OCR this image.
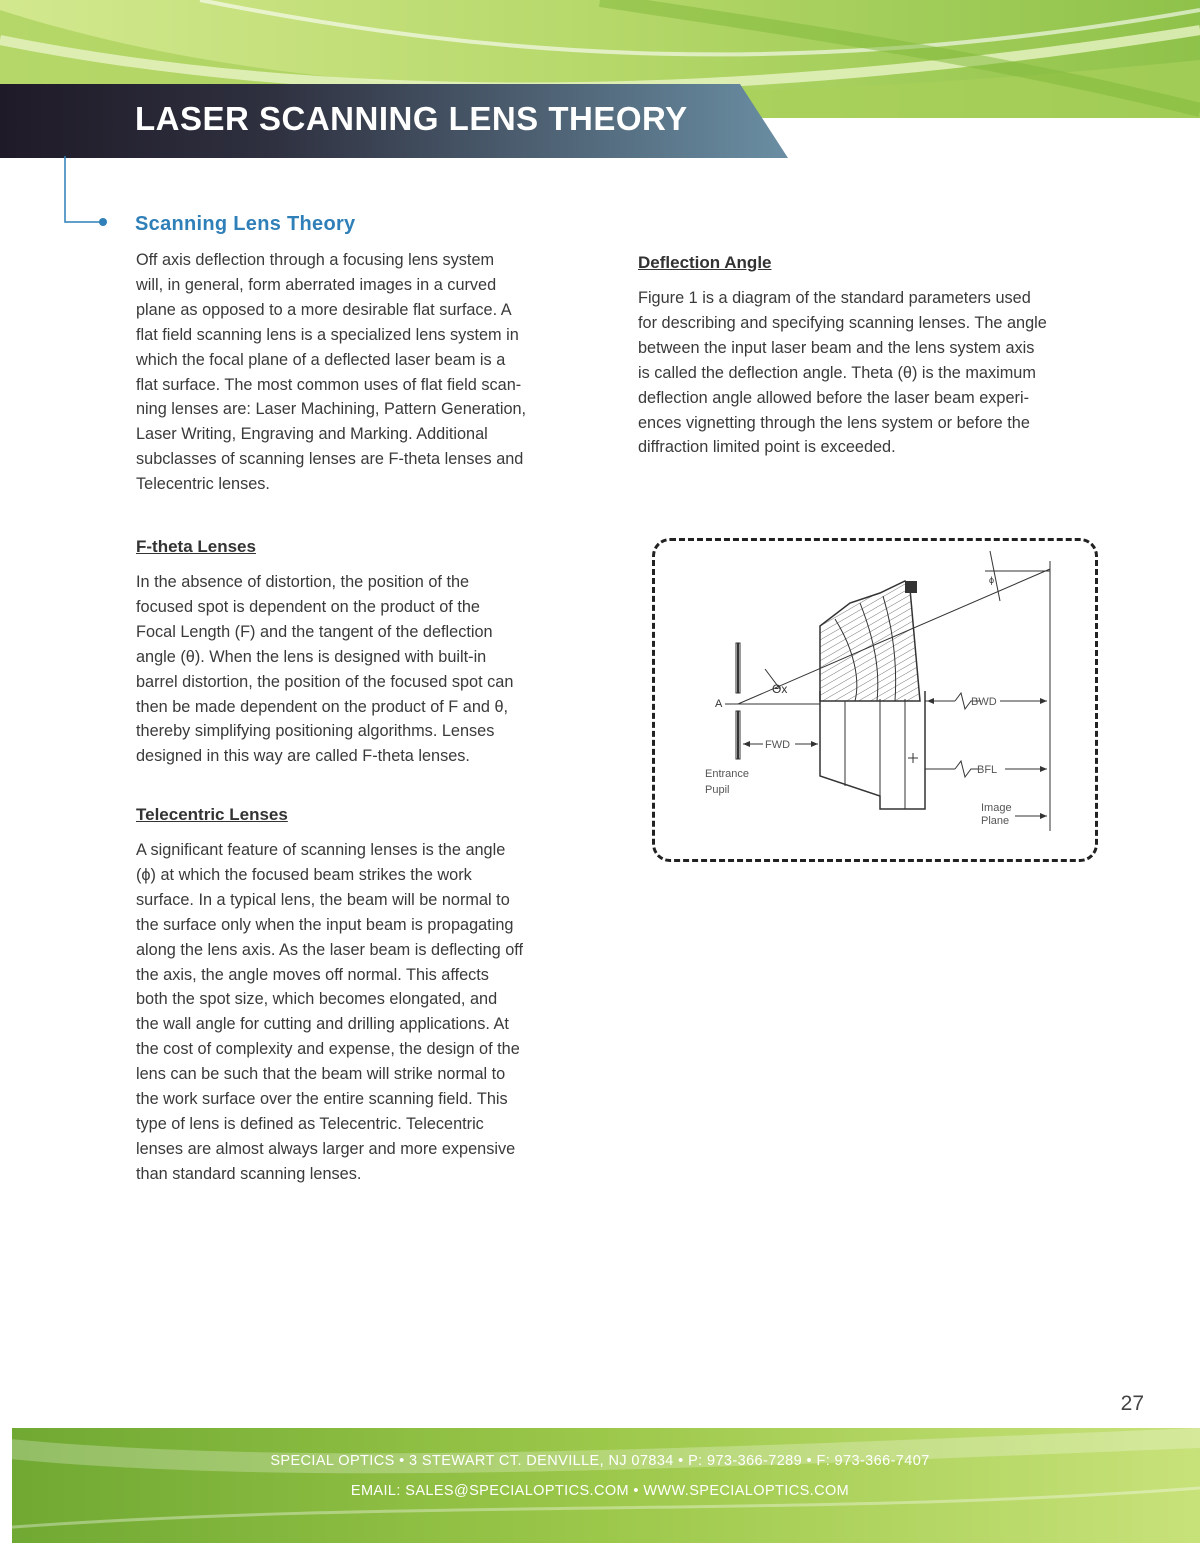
LASER SCANNING LENS THEORY
Scanning Lens Theory

Off axis deflection through a focusing lens system
will, in general, form aberrated images in a curved
plane as opposed to a more desirable flat surface. A
flat field scanning lens is a specialized lens system in
which the focal plane of a deflected laser beam is a
flat surface. The most common uses of flat field scan-
ning lenses are: Laser Machining, Pattern Generation,
Laser Writing, Engraving and Marking. Additional
subclasses of scanning lenses are F-theta lenses and
Telecentric lenses.

F-theta Lenses

In the absence of distortion, the position of the
focused spot is dependent on the product of the
Focal Length (F) and the tangent of the deflection
angle (θ). When the lens is designed with built-in
barrel distortion, the position of the focused spot can
then be made dependent on the product of F and θ,
thereby simplifying positioning algorithms. Lenses
designed in this way are called F-theta lenses.

Telecentric Lenses

A significant feature of scanning lenses is the angle
(ϕ) at which the focused beam strikes the work
surface. In a typical lens, the beam will be normal to
the surface only when the input beam is propagating
along the lens axis. As the laser beam is deflecting off
the axis, the angle moves off normal. This affects
both the spot size, which becomes elongated, and
the wall angle for cutting and drilling applications. At
the cost of complexity and expense, the design of the
lens can be such that the beam will strike normal to
the work surface over the entire scanning field. This
type of lens is defined as Telecentric. Telecentric
lenses are almost always larger and more expensive
than standard scanning lenses.

Deflection Angle

Figure 1 is a diagram of the standard parameters used
for describing and specifying scanning lenses. The angle
between the input laser beam and the lens system axis
is called the deflection angle. Theta (θ) is the maximum
deflection angle allowed before the laser beam experi-
ences vignetting through the lens system or before the
diffraction limited point is exceeded.

A
Θx
ϕ
FWD
BWD
BFL
Entrance
Pupil
Image
Plane

27

SPECIAL OPTICS • 3 STEWART CT. DENVILLE, NJ 07834 • P: 973-366-7289 • F: 973-366-7407

EMAIL: SALES@SPECIALOPTICS.COM • WWW.SPECIALOPTICS.COM
